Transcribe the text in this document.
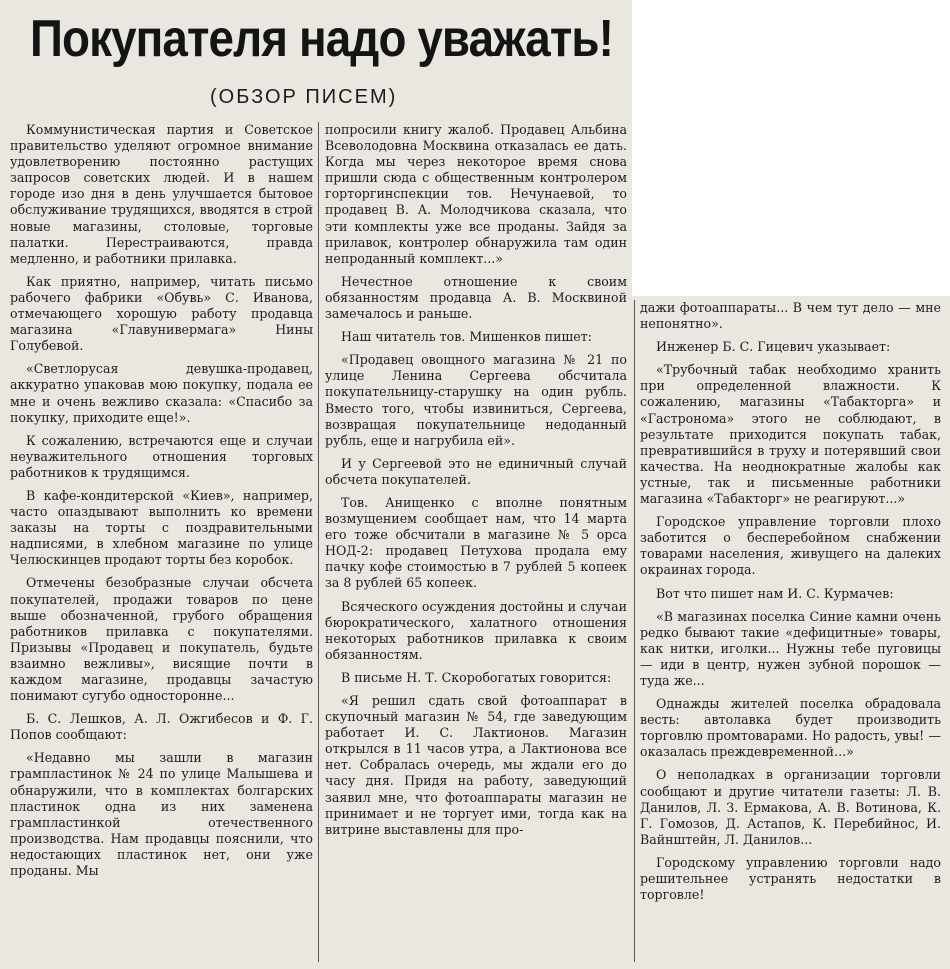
Покупателя надо уважать!
(ОБЗОР ПИСЕМ)

Коммунистическая партия и Советское правительство уделяют огромное внимание удовлетворению постоянно растущих запросов советских людей. И в нашем городе изо дня в день улучшается бытовое обслуживание трудящихся, вводятся в строй новые магазины, столовые, торговые палатки. Перестраиваются, правда медленно, и работники прилавка.

Как приятно, например, читать письмо рабочего фабрики «Обувь» С. Иванова, отмечающего хорошую работу продавца магазина «Главунивермага» Нины Голубевой.

«Светлорусая девушка-продавец, аккуратно упаковав мою покупку, подала ее мне и очень вежливо сказала: «Спасибо за покупку, приходите еще!».

К сожалению, встречаются еще и случаи неуважительного отношения торговых работников к трудящимся.

В кафе-кондитерской «Киев», например, часто опаздывают выполнить ко времени заказы на торты с поздравительными надписями, в хлебном магазине по улице Челюскинцев продают торты без коробок.

Отмечены безобразные случаи обсчета покупателей, продажи товаров по цене выше обозначенной, грубого обращения работников прилавка с покупателями. Призывы «Продавец и покупатель, будьте взаимно вежливы», висящие почти в каждом магазине, продавцы зачастую понимают сугубо односторонне...

Б. С. Лешков, А. Л. Ожгибесов и Ф. Г. Попов сообщают:

«Недавно мы зашли в магазин грампластинок № 24 по улице Малышева и обнаружили, что в комплектах болгарских пластинок одна из них заменена грампластинкой отечественного производства. Нам продавцы пояснили, что недостающих пластинок нет, они уже проданы. Мы

попросили книгу жалоб. Продавец Альбина Всеволодовна Москвина отказалась ее дать. Когда мы через некоторое время снова пришли сюда с общественным контролером горторгинспекции тов. Нечунаевой, то продавец В. А. Молодчикова сказала, что эти комплекты уже все проданы. Зайдя за прилавок, контролер обнаружила там один непроданный комплект...»

Нечестное отношение к своим обязанностям продавца А. В. Москвиной замечалось и раньше.

Наш читатель тов. Мишенков пишет:

«Продавец овощного магазина № 21 по улице Ленина Сергеева обсчитала покупательницу-старушку на один рубль. Вместо того, чтобы извиниться, Сергеева, возвращая покупательнице недоданный рубль, еще и нагрубила ей».

И у Сергеевой это не единичный случай обсчета покупателей.

Тов. Анищенко с вполне понятным возмущением сообщает нам, что 14 марта его тоже обсчитали в магазине № 5 орса НОД-2: продавец Петухова продала ему пачку кофе стоимостью в 7 рублей 5 копеек за 8 рублей 65 копеек.

Всяческого осуждения достойны и случаи бюрократического, халатного отношения некоторых работников прилавка к своим обязанностям.

В письме Н. Т. Скоробогатых говорится:

«Я решил сдать свой фотоаппарат в скупочный магазин № 54, где заведующим работает И. С. Лактионов. Магазин открылся в 11 часов утра, а Лактионова все нет. Собралась очередь, мы ждали его до часу дня. Придя на работу, заведующий заявил мне, что фотоаппараты магазин не принимает и не торгует ими, тогда как на витрине выставлены для про-

дажи фотоаппараты... В чем тут дело — мне непонятно».

Инженер Б. С. Гицевич указывает:

«Трубочный табак необходимо хранить при определенной влажности. К сожалению, магазины «Табакторга» и «Гастронома» этого не соблюдают, в результате приходится покупать табак, превратившийся в труху и потерявший свои качества. На неоднократные жалобы как устные, так и письменные работники магазина «Табакторг» не реагируют...»

Городское управление торговли плохо заботится о бесперебойном снабжении товарами населения, живущего на далеких окраинах города.

Вот что пишет нам И. С. Курмачев:

«В магазинах поселка Синие камни очень редко бывают такие «дефицитные» товары, как нитки, иголки... Нужны тебе пуговицы — иди в центр, нужен зубной порошок — туда же...

Однажды жителей поселка обрадовала весть: автолавка будет производить торговлю промтоварами. Но радость, увы! — оказалась преждевременной...»

О неполадках в организации торговли сообщают и другие читатели газеты: Л. В. Данилов, Л. З. Ермакова, А. В. Вотинова, К. Г. Гомозов, Д. Астапов, К. Перебийнос, И. Вайнштейн, Л. Данилов...

Городскому управлению торговли надо решительнее устранять недостатки в торговле!
